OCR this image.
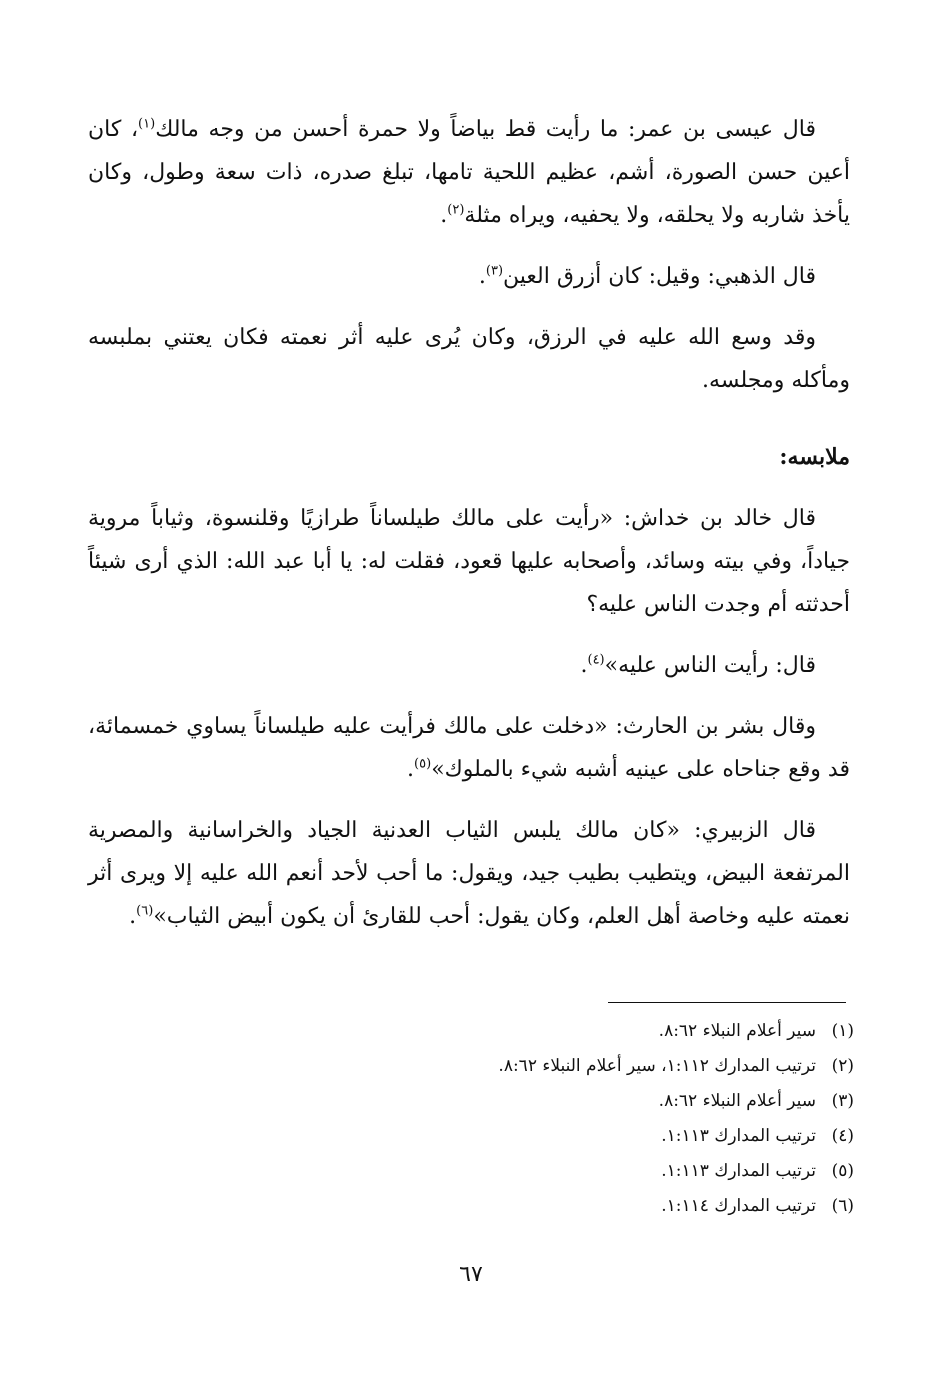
قال عيسى بن عمر: ما رأيت قط بياضاً ولا حمرة أحسن من وجه مالك$^{(١)}$، كان أعين حسن الصورة، أشم، عظيم اللحية تامها، تبلغ صدره، ذات سعة وطول، وكان يأخذ شاربه ولا يحلقه، ولا يحفيه، ويراه مثلة$^{(٢)}$.

قال الذهبي: وقيل: كان أزرق العين$^{(٣)}$.

وقد وسع الله عليه في الرزق، وكان يُرى عليه أثر نعمته فكان يعتني بملبسه ومأكله ومجلسه.

ملابسه:

قال خالد بن خداش: «رأيت على مالك طيلساناً طرازيًا وقلنسوة، وثياباً مروية جياداً، وفي بيته وسائد، وأصحابه عليها قعود، فقلت له: يا أبا عبد الله: الذي أرى شيئاً أحدثته أم وجدت الناس عليه؟

قال: رأيت الناس عليه»$^{(٤)}$.

وقال بشر بن الحارث: «دخلت على مالك فرأيت عليه طيلساناً يساوي خمسمائة، قد وقع جناحاه على عينيه أشبه شيء بالملوك»$^{(٥)}$.

قال الزبيري: «كان مالك يلبس الثياب العدنية الجياد والخراسانية والمصرية المرتفعة البيض، ويتطيب بطيب جيد، ويقول: ما أحب لأحد أنعم الله عليه إلا ويرى أثر نعمته عليه وخاصة أهل العلم، وكان يقول: أحب للقارئ أن يكون أبيض الثياب»$^{(٦)}$.

(١)سير أعلام النبلاء ٨:٦٢.
(٢)ترتيب المدارك ١:١١٢، سير أعلام النبلاء ٨:٦٢.
(٣)سير أعلام النبلاء ٨:٦٢.
(٤)ترتيب المدارك ١:١١٣.
(٥)ترتيب المدارك ١:١١٣.
(٦)ترتيب المدارك ١:١١٤.
٦٧
